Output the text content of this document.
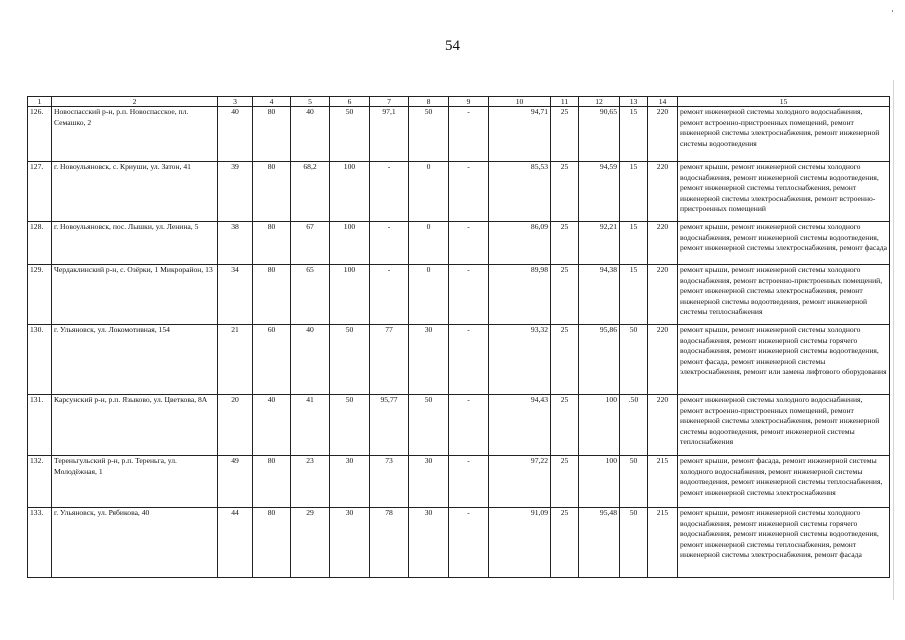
54
1	2	3	4	5	6	7	8	9	10	11	12	13	14	15
126.	Новоспасский р-н, р.п. Новоспасское, пл. Семашко, 2	40	80	40	50	97,1	50	-	94,71	25	90,65	15	220	ремонт инженерной системы холодного водоснабжения, ремонт встроенно-пристроенных помещений, ремонт инженерной системы электроснабжения, ремонт инженерной системы водоотведения
127.	г. Новоульяновск, с. Криуши, ул. Затон, 41	39	80	68,2	100	-	0	-	85,53	25	94,59	15	220	ремонт крыши, ремонт инженерной системы холодного водоснабжения, ремонт инженерной системы водоотведения, ремонт инженерной системы теплоснабжения, ремонт инженерной системы электроснабжения, ремонт встроенно-пристроенных помещений
128.	г. Новоульяновск, пос. Лышки, ул. Ленина, 5	38	80	67	100	-	0	-	86,09	25	92,21	15	220	ремонт крыши, ремонт инженерной системы холодного водоснабжения, ремонт инженерной системы водоотведения, ремонт инженерной системы электроснабжения, ремонт фасада
129.	Чердаклинский р-н, с. Озёрки, 1 Микрорайон, 13	34	80	65	100	-	0	-	89,98	25	94,38	15	220	ремонт крыши, ремонт инженерной системы холодного водоснабжения, ремонт встроенно-пристроенных помещений, ремонт инженерной системы электроснабжения, ремонт инженерной системы водоотведения, ремонт инженерной системы теплоснабжения
130.	г. Ульяновск, ул. Локомотивная, 154	21	60	40	50	77	30	-	93,32	25	95,86	50	220	ремонт крыши, ремонт инженерной системы холодного водоснабжения, ремонт инженерной системы горячего водоснабжения, ремонт инженерной системы водоотведения, ремонт фасада, ремонт инженерной системы электроснабжения, ремонт или замена лифтового оборудования
131.	Карсунский р-н, р.п. Языково, ул. Цветкова, 8А	20	40	41	50	95,77	50	-	94,43	25	100	.50	220	ремонт инженерной системы холодного водоснабжения, ремонт встроенно-пристроенных помещений, ремонт инженерной системы электроснабжения, ремонт инженерной системы водоотведения, ремонт инженерной системы теплоснабжения
132.	Тереньгульский р-н, р.п. Тереньга, ул. Молодёжная, 1	49	80	23	30	73	30	-	97,22	25	100	50	215	ремонт крыши, ремонт фасада, ремонт инженерной системы холодного водоснабжения, ремонт инженерной системы водоотведения, ремонт инженерной системы теплоснабжения, ремонт инженерной системы электроснабжения
133.	г. Ульяновск, ул. Рябикова, 40	44	80	29	30	78	30	-	91,09	25	95,48	50	215	ремонт крыши, ремонт инженерной системы холодного водоснабжения, ремонт инженерной системы горячего водоснабжения, ремонт инженерной системы водоотведения, ремонт инженерной системы теплоснабжения, ремонт инженерной системы электроснабжения, ремонт фасада
